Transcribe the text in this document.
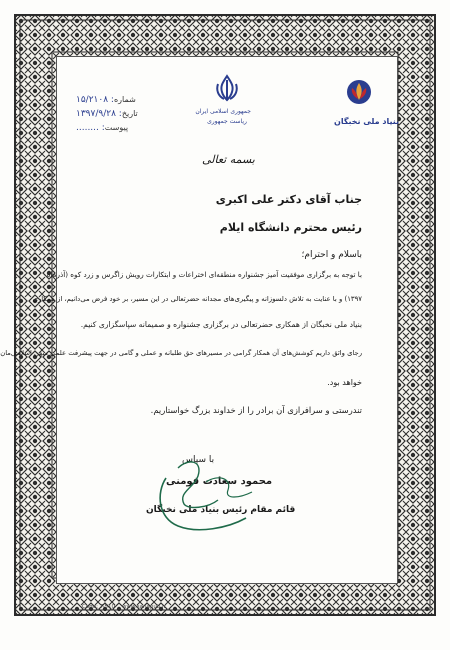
شماره: ۱۵/۲۱۰۸
تاریخ: ۱۳۹۷/۹/۲۸
پیوست: ........
جمهوری اسلامی ایران
ریاست جمهوری	بنیاد ملی نخبگان
بسمه تعالی
جناب آقای دکتر علی اکبری
رئیس محترم دانشگاه ایلام
باسلام و احترام؛
با توجه به برگزاری موفقیت آمیز جشنواره منطقه‌ای اختراعات و ابتکارات رویش زاگرس و زرد کوه (آذرماه
۱۳۹۷) و با عنایت به تلاش دلسوزانه و پیگیری‌های مجدانه حضرتعالی در این مسیر، بر خود فرض می‌دانیم، از همکاری
بنیاد ملی نخبگان از همکاری حضرتعالی در برگزاری جشنواره و صمیمانه سپاسگزاری کنیم.
رجای واثق داریم کوشش‌های آن همکار گرامی در مسیر‌های حق طلبانه و عملی و گامی در جهت پیشرفت علمی میهن اسلامی‌مان
خواهد بود.
تندرستی و سرافرازی آن برادر را از خداوند بزرگ خواستاریم.
با سپاس
محمود سعادت فومنی
قائم مقام رئیس بنیاد ملی نخبگان
Code: T-510 www.sanapub.ir
